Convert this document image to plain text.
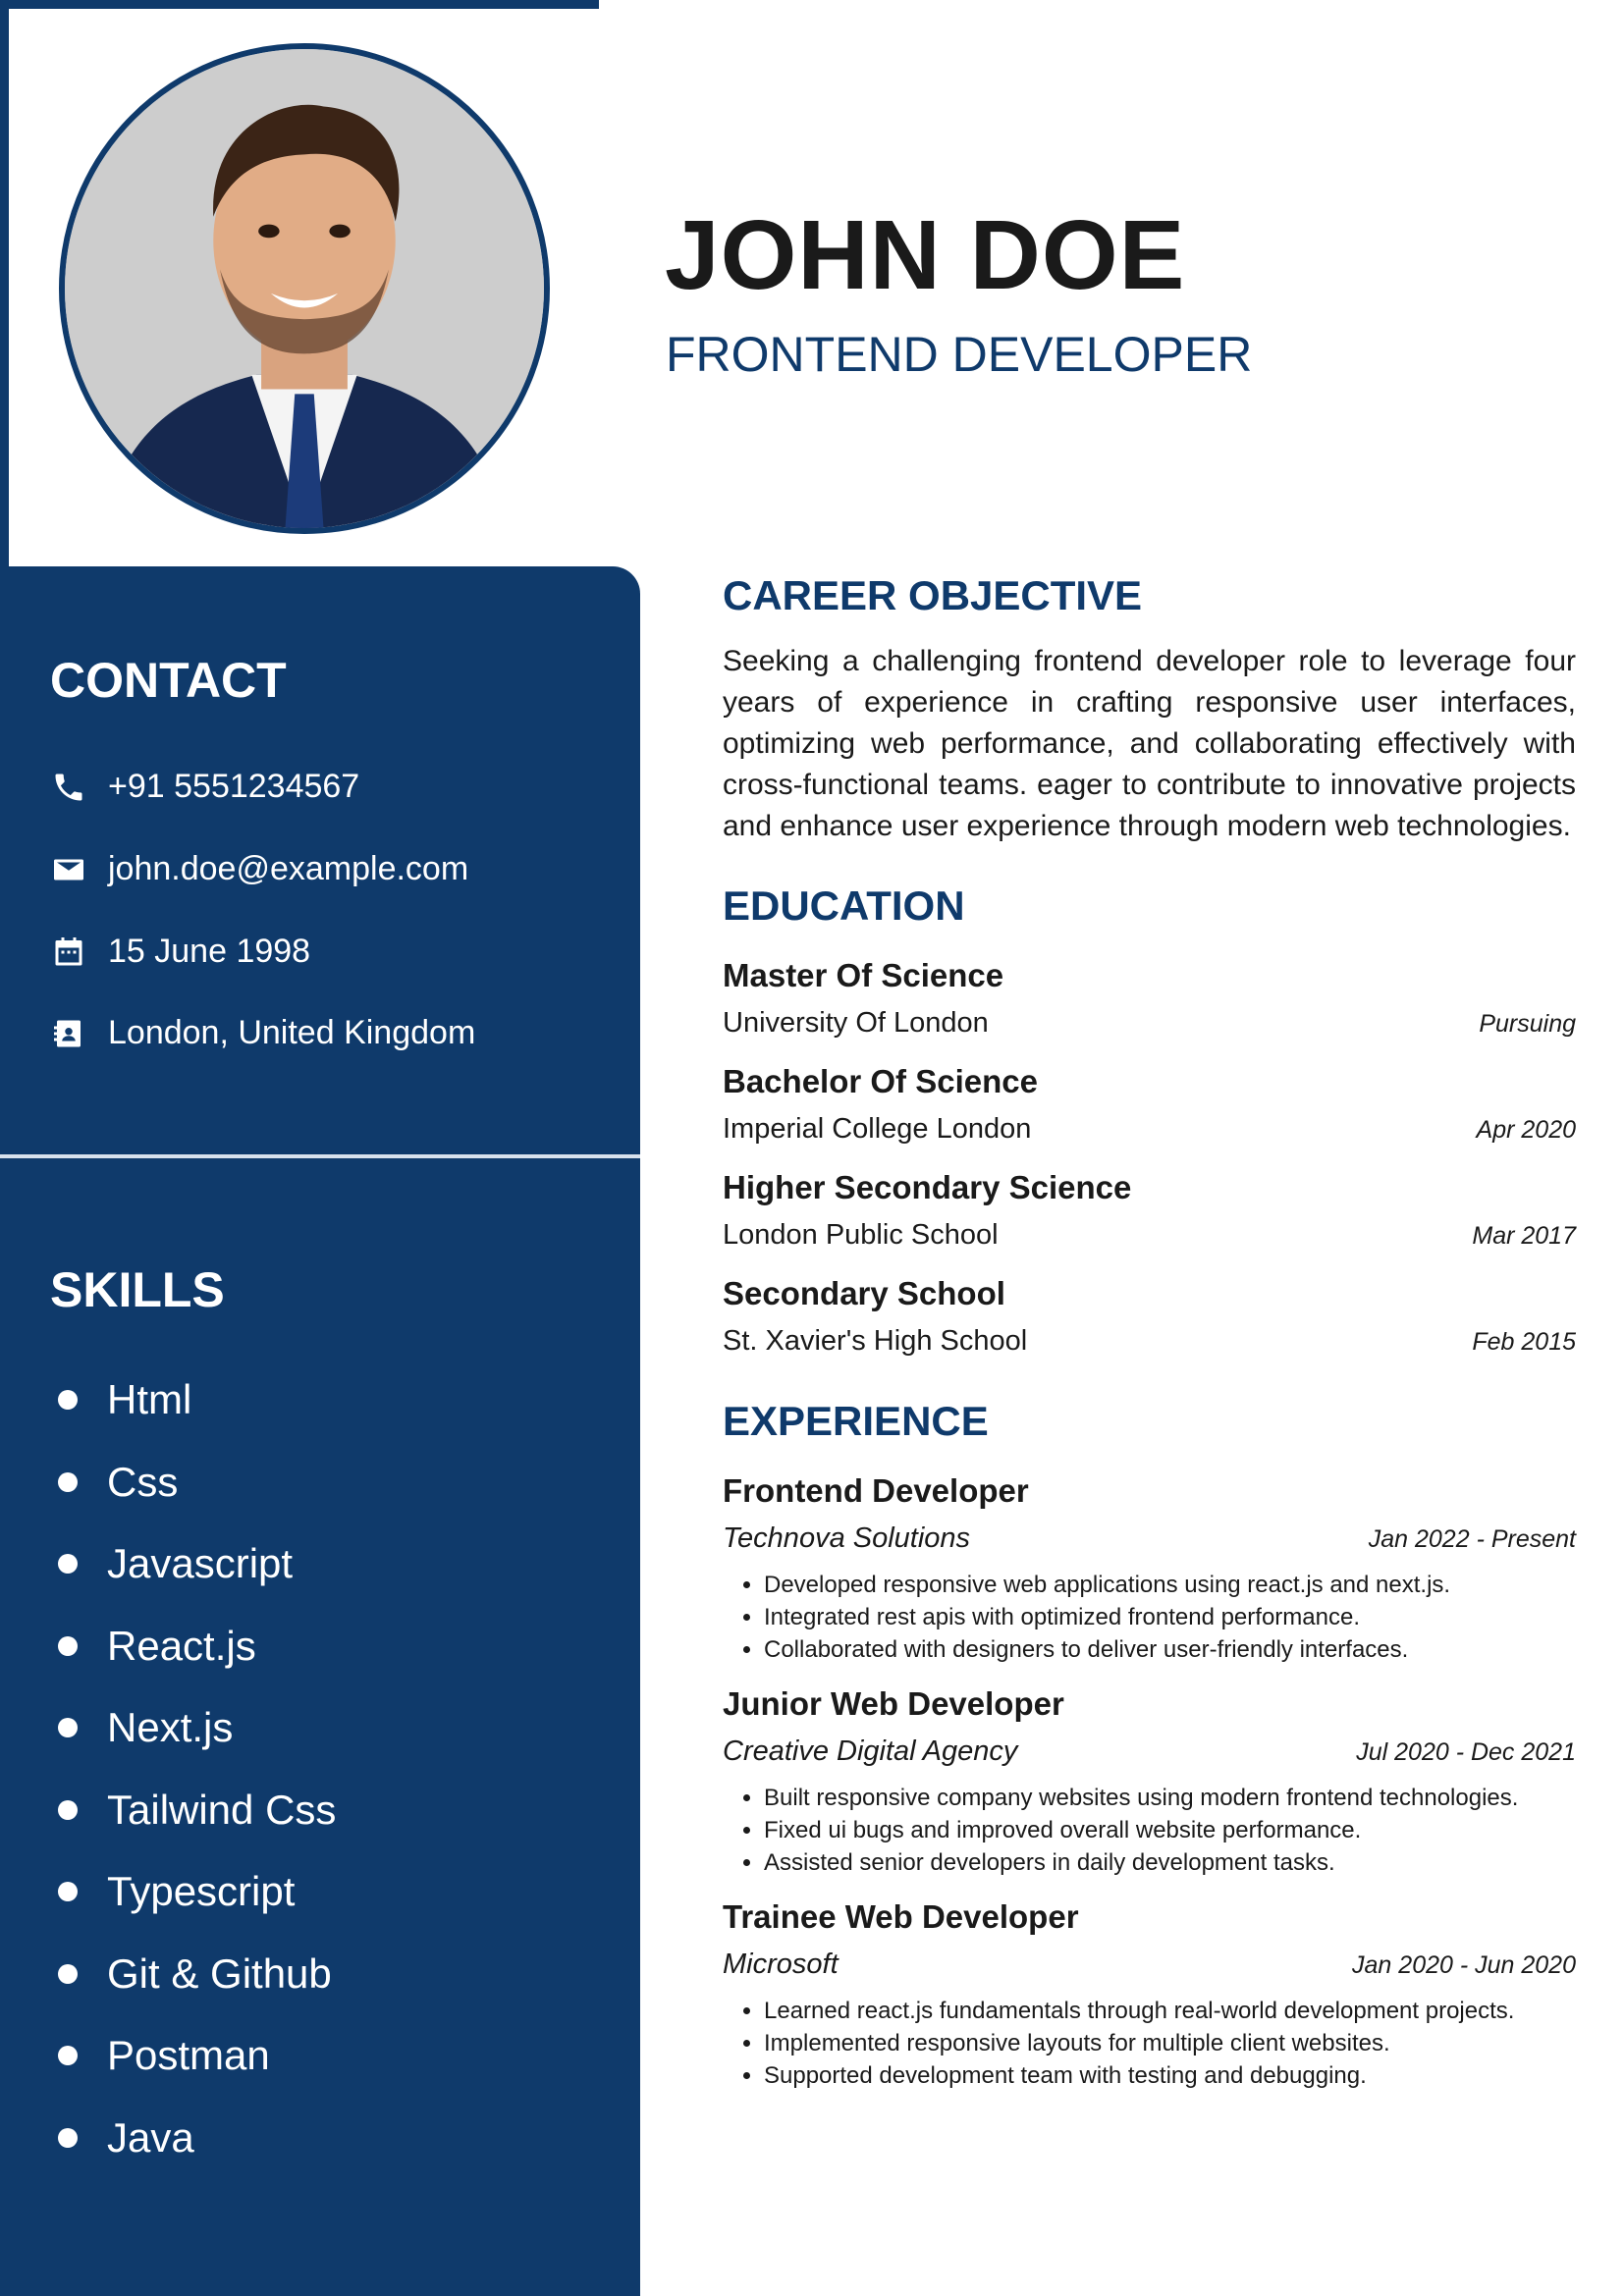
JOHN DOE
FRONTEND DEVELOPER
CONTACT
+91 5551234567
john.doe@example.com
15 June 1998
London, United Kingdom
SKILLS
Html
Css
Javascript
React.js
Next.js
Tailwind Css
Typescript
Git & Github
Postman
Java
CAREER OBJECTIVE
Seeking a challenging frontend developer role to leverage four years of experience in crafting responsive user interfaces, optimizing web performance, and collaborating effectively with cross-functional teams. eager to contribute to innovative projects and enhance user experience through modern web technologies.
EDUCATION
Master Of Science
University Of London	Pursuing
Bachelor Of Science
Imperial College London	Apr 2020
Higher Secondary Science
London Public School	Mar 2017
Secondary School
St. Xavier's High School	Feb 2015
EXPERIENCE
Frontend Developer
Technova Solutions	Jan 2022 - Present
• Developed responsive web applications using react.js and next.js.
• Integrated rest apis with optimized frontend performance.
• Collaborated with designers to deliver user-friendly interfaces.
Junior Web Developer
Creative Digital Agency	Jul 2020 - Dec 2021
• Built responsive company websites using modern frontend technologies.
• Fixed ui bugs and improved overall website performance.
• Assisted senior developers in daily development tasks.
Trainee Web Developer
Microsoft	Jan 2020 - Jun 2020
• Learned react.js fundamentals through real-world development projects.
• Implemented responsive layouts for multiple client websites.
• Supported development team with testing and debugging.
